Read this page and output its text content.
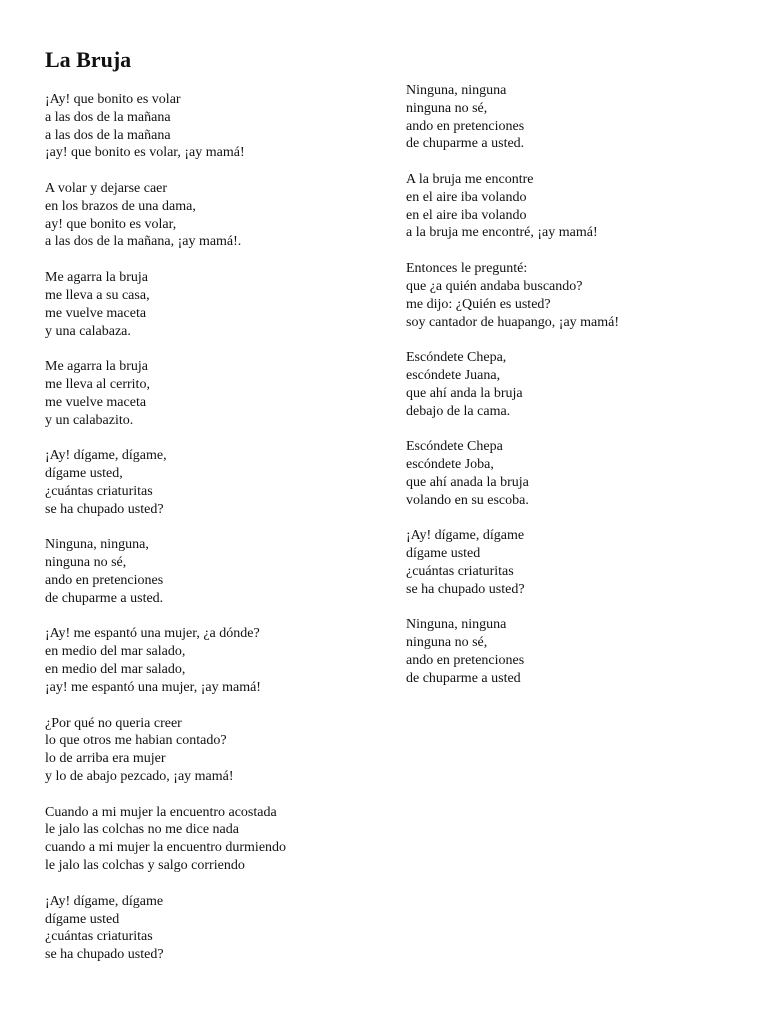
La Bruja
¡Ay! que bonito es volar
a las dos de la mañana
a las dos de la mañana
¡ay! que bonito es volar, ¡ay mamá!
A volar y dejarse caer
en los brazos de una dama,
ay! que bonito es volar,
a las dos de la mañana, ¡ay mamá!.
Me agarra la bruja
me lleva a su casa,
me vuelve maceta
y una calabaza.
Me agarra la bruja
me lleva al cerrito,
me vuelve maceta
y un calabazito.
¡Ay! dígame, dígame,
dígame usted,
¿cuántas criaturitas
se ha chupado usted?
Ninguna, ninguna,
ninguna no sé,
ando en pretenciones
de chuparme a usted.
¡Ay! me espantó una mujer, ¿a dónde?
en medio del mar salado,
en medio del mar salado,
¡ay! me espantó una mujer, ¡ay mamá!
¿Por qué no queria creer
lo que otros me habian contado?
lo de arriba era mujer
y lo de abajo pezcado, ¡ay mamá!
Cuando a mi mujer la encuentro acostada
le jalo las colchas no me dice nada
cuando a mi mujer la encuentro durmiendo
le jalo las colchas y salgo corriendo
¡Ay! dígame, dígame
dígame usted
¿cuántas criaturitas
se ha chupado usted?
Ninguna, ninguna
ninguna no sé,
ando en pretenciones
de chuparme a usted.
A la bruja me encontre
en el aire iba volando
en el aire iba volando
a la bruja me encontré, ¡ay mamá!
Entonces le pregunté:
que ¿a quién andaba buscando?
me dijo: ¿Quién es usted?
soy cantador de huapango, ¡ay mamá!
Escóndete Chepa,
escóndete Juana,
que ahí anda la bruja
debajo de la cama.
Escóndete Chepa
escóndete Joba,
que ahí anada la bruja
volando en su escoba.
¡Ay! dígame, dígame
dígame usted
¿cuántas criaturitas
se ha chupado usted?
Ninguna, ninguna
ninguna no sé,
ando en pretenciones
de chuparme a usted
